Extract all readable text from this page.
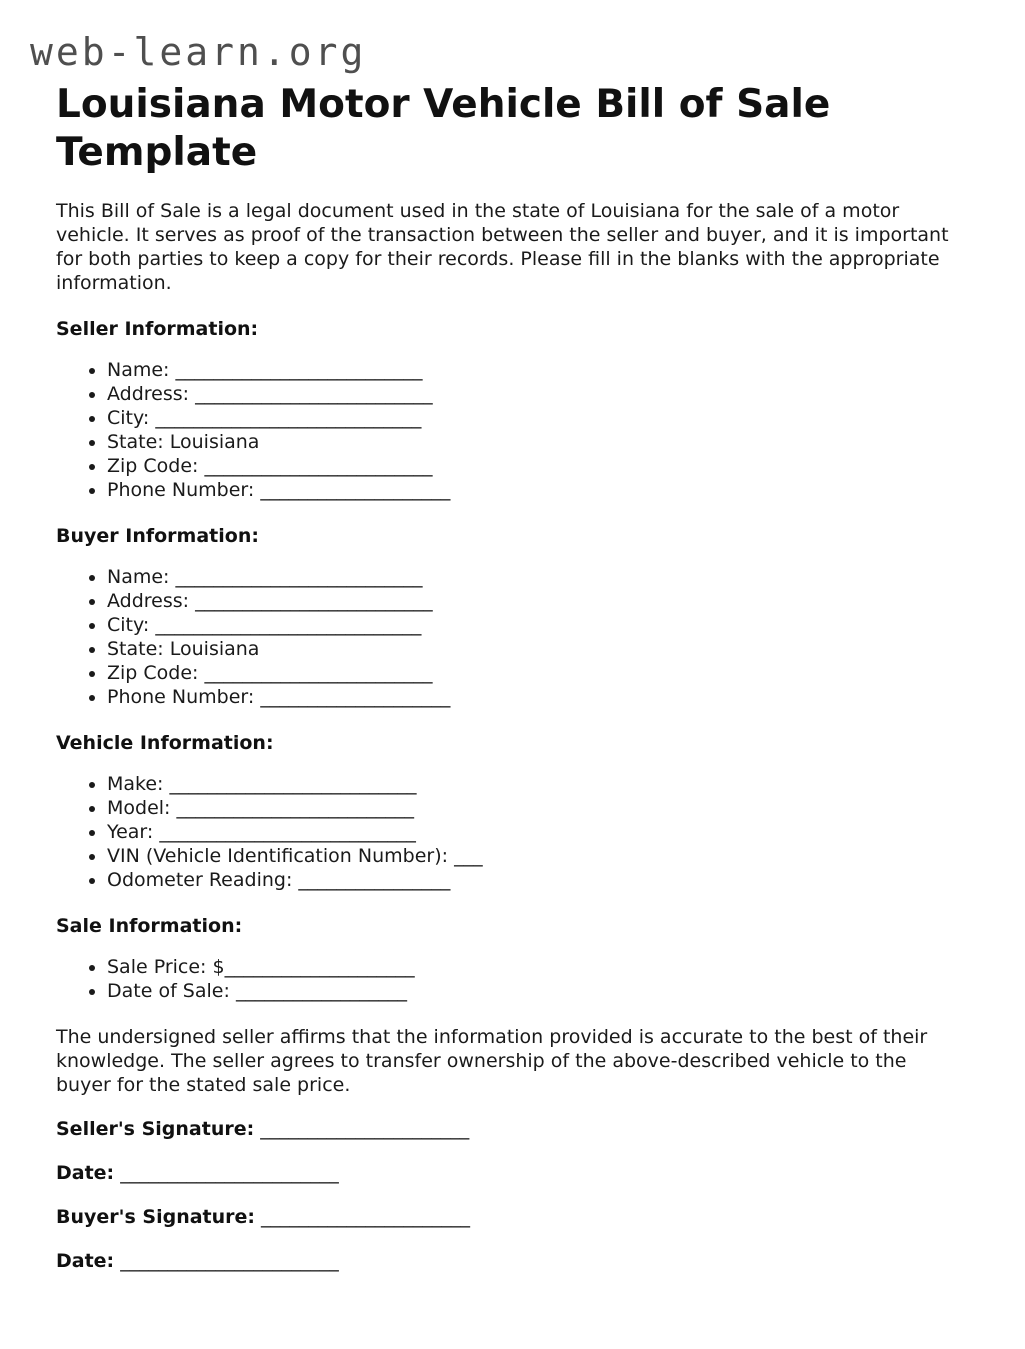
web-learn.org
Louisiana Motor Vehicle Bill of Sale Template

This Bill of Sale is a legal document used in the state of Louisiana for the sale of a motor vehicle. It serves as proof of the transaction between the seller and buyer, and it is important for both parties to keep a copy for their records. Please fill in the blanks with the appropriate information.

Seller Information:

• Name: __________________________
• Address: _________________________
• City: ____________________________
• State: Louisiana
• Zip Code: ________________________
• Phone Number: ____________________

Buyer Information:

• Name: __________________________
• Address: _________________________
• City: ____________________________
• State: Louisiana
• Zip Code: ________________________
• Phone Number: ____________________

Vehicle Information:

• Make: __________________________
• Model: _________________________
• Year: ___________________________
• VIN (Vehicle Identification Number): ___
• Odometer Reading: ________________

Sale Information:

• Sale Price: $____________________
• Date of Sale: __________________

The undersigned seller affirms that the information provided is accurate to the best of their knowledge. The seller agrees to transfer ownership of the above-described vehicle to the buyer for the stated sale price.

Seller's Signature: ______________________

Date: _______________________

Buyer's Signature: ______________________

Date: _______________________
